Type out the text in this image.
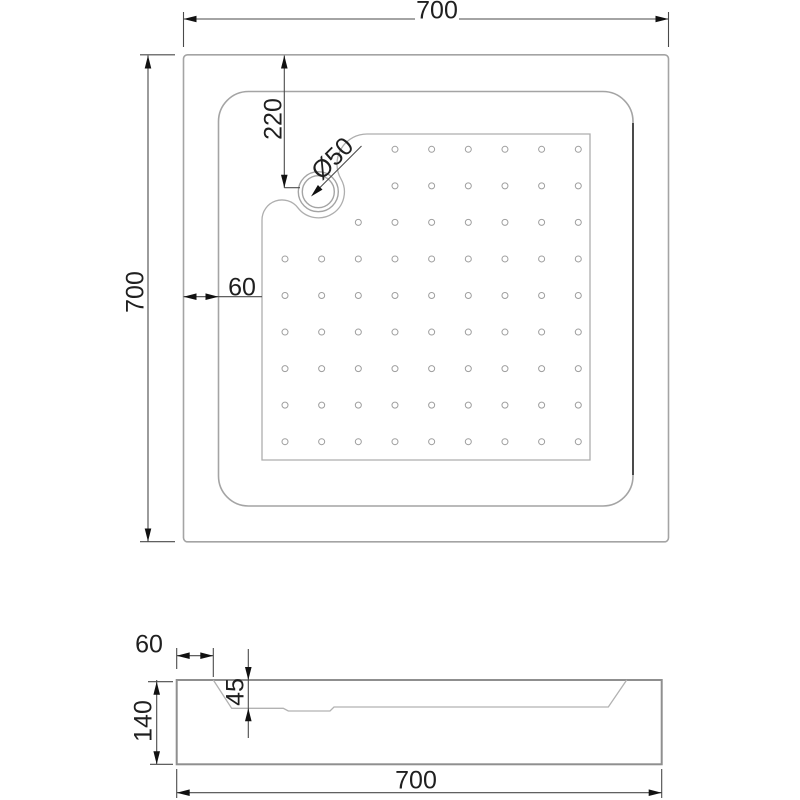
700
700
220
Ø50
60
60
45
140
700
